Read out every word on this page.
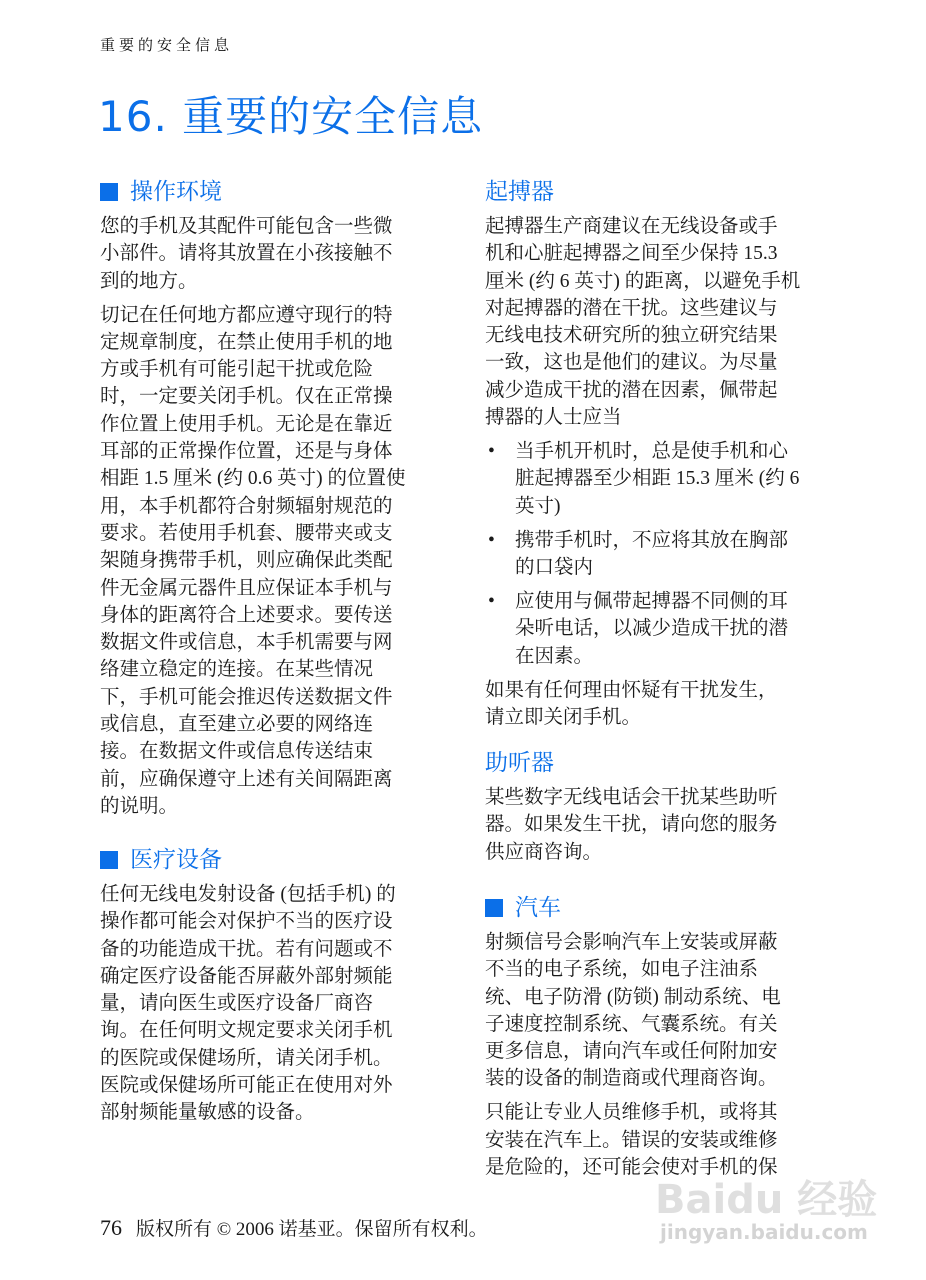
重要的安全信息
16. 重要的安全信息
操作环境
您的手机及其配件可能包含一些微
小部件。请将其放置在小孩接触不
到的地方。
切记在任何地方都应遵守现行的特
定规章制度，在禁止使用手机的地
方或手机有可能引起干扰或危险
时，一定要关闭手机。仅在正常操
作位置上使用手机。无论是在靠近
耳部的正常操作位置，还是与身体
相距 1.5 厘米 (约 0.6 英寸) 的位置使
用，本手机都符合射频辐射规范的
要求。若使用手机套、腰带夹或支
架随身携带手机，则应确保此类配
件无金属元器件且应保证本手机与
身体的距离符合上述要求。要传送
数据文件或信息，本手机需要与网
络建立稳定的连接。在某些情况
下，手机可能会推迟传送数据文件
或信息，直至建立必要的网络连
接。在数据文件或信息传送结束
前，应确保遵守上述有关间隔距离
的说明。
医疗设备
任何无线电发射设备 (包括手机) 的
操作都可能会对保护不当的医疗设
备的功能造成干扰。若有问题或不
确定医疗设备能否屏蔽外部射频能
量，请向医生或医疗设备厂商咨
询。在任何明文规定要求关闭手机
的医院或保健场所，请关闭手机。
医院或保健场所可能正在使用对外
部射频能量敏感的设备。
起搏器
起搏器生产商建议在无线设备或手
机和心脏起搏器之间至少保持 15.3
厘米 (约 6 英寸) 的距离，以避免手机
对起搏器的潜在干扰。这些建议与
无线电技术研究所的独立研究结果
一致，这也是他们的建议。为尽量
减少造成干扰的潜在因素，佩带起
搏器的人士应当
• 当手机开机时，总是使手机和心
脏起搏器至少相距 15.3 厘米 (约 6
英寸)
• 携带手机时，不应将其放在胸部
的口袋内
• 应使用与佩带起搏器不同侧的耳
朵听电话，以减少造成干扰的潜
在因素。
如果有任何理由怀疑有干扰发生，
请立即关闭手机。
助听器
某些数字无线电话会干扰某些助听
器。如果发生干扰，请向您的服务
供应商咨询。
汽车
射频信号会影响汽车上安装或屏蔽
不当的电子系统，如电子注油系
统、电子防滑 (防锁) 制动系统、电
子速度控制系统、气囊系统。有关
更多信息，请向汽车或任何附加安
装的设备的制造商或代理商咨询。
只能让专业人员维修手机，或将其
安装在汽车上。错误的安装或维修
是危险的，还可能会使对手机的保
76 版权所有 © 2006 诺基亚。保留所有权利。
Baidu 经验
jingyan.baidu.com
